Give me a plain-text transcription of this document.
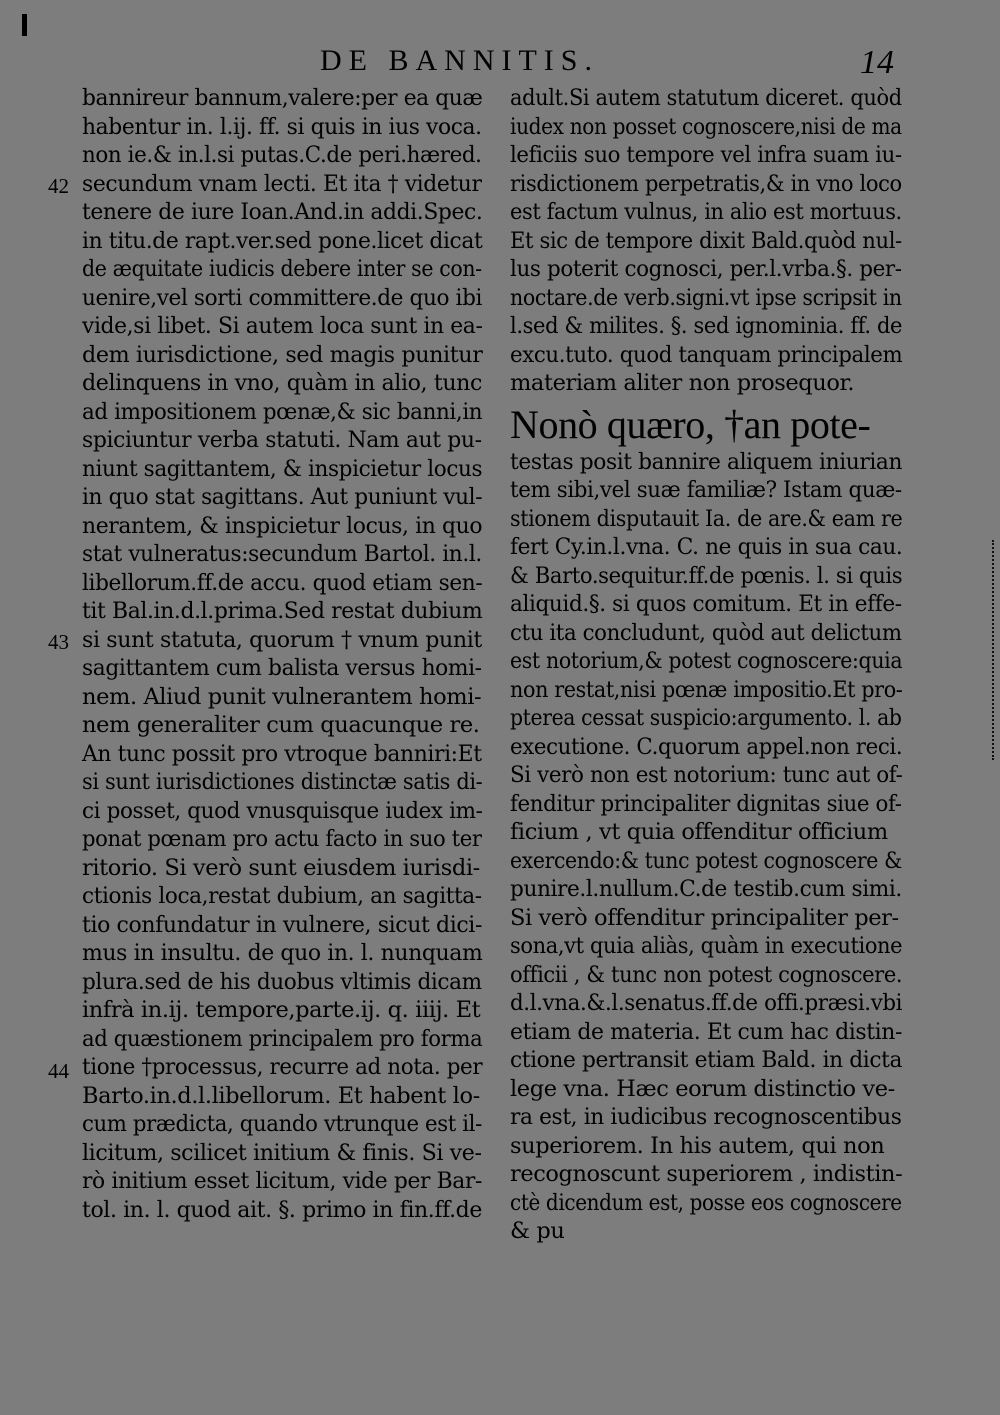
DE BANNITIS.	14
42
43
44
bannireur bannum,valere:per ea quæ
habentur in. l.ij. ff. si quis in ius voca.
non ie.& in.l.si putas.C.de peri.hæred.
secundum vnam lecti. Et ita † videtur
tenere de iure Ioan.And.in addi.Spec.
in titu.de rapt.ver.sed pone.licet dicat
de æquitate iudicis debere inter se con-
uenire,vel sorti committere.de quo ibi
vide,si libet. Si autem loca sunt in ea-
dem iurisdictione, sed magis punitur
delinquens in vno, quàm in alio, tunc
ad impositionem pœnæ,& sic banni,in
spiciuntur verba statuti. Nam aut pu-
niunt sagittantem, & inspicietur locus
in quo stat sagittans. Aut puniunt vul-
nerantem, & inspicietur locus, in quo
stat vulneratus:secundum Bartol. in.l.
libellorum.ff.de accu. quod etiam sen-
tit Bal.in.d.l.prima.Sed restat dubium
si sunt statuta, quorum † vnum punit
sagittantem cum balista versus homi-
nem. Aliud punit vulnerantem homi-
nem generaliter cum quacunque re.
An tunc possit pro vtroque banniri:Et
si sunt iurisdictiones distinctæ satis di-
ci posset, quod vnusquisque iudex im-
ponat pœnam pro actu facto in suo ter
ritorio. Si verò sunt eiusdem iurisdi-
ctionis loca,restat dubium, an sagitta-
tio confundatur in vulnere, sicut dici-
mus in insultu. de quo in. l. nunquam
plura.sed de his duobus vltimis dicam
infrà in.ij. tempore,parte.ij. q. iiij. Et
ad quæstionem principalem pro forma
tione †processus, recurre ad nota. per
Barto.in.d.l.libellorum. Et habent lo-
cum prædicta, quando vtrunque est il-
licitum, scilicet initium & finis. Si ve-
rò initium esset licitum, vide per Bar-
tol. in. l. quod ait. §. primo in fin.ff.de
adult.Si autem statutum diceret. quòd
iudex non posset cognoscere,nisi de ma
leficiis suo tempore vel infra suam iu-
risdictionem perpetratis,& in vno loco
est factum vulnus, in alio est mortuus.
Et sic de tempore dixit Bald.quòd nul-
lus poterit cognosci, per.l.vrba.§. per-
noctare.de verb.signi.vt ipse scripsit in
l.sed & milites. §. sed ignominia. ff. de
excu.tuto. quod tanquam principalem
materiam aliter non prosequor.
Nonò quæro, †an pote-
testas posit bannire aliquem iniurian
tem sibi,vel suæ familiæ? Istam quæ-
stionem disputauit Ia. de are.& eam re
fert Cy.in.l.vna. C. ne quis in sua cau.
& Barto.sequitur.ff.de pœnis. l. si quis
aliquid.§. si quos comitum. Et in effe-
ctu ita concludunt, quòd aut delictum
est notorium,& potest cognoscere:quia
non restat,nisi pœnæ impositio.Et pro-
pterea cessat suspicio:argumento. l. ab
executione. C.quorum appel.non reci.
Si verò non est notorium: tunc aut of-
fenditur principaliter dignitas siue of-
ficium , vt quia offenditur officium
exercendo:& tunc potest cognoscere &
punire.l.nullum.C.de testib.cum simi.
Si verò offenditur principaliter per-
sona,vt quia aliàs, quàm in executione
officii , & tunc non potest cognoscere.
d.l.vna.&.l.senatus.ff.de offi.præsi.vbi
etiam de materia. Et cum hac distin-
ctione pertransit etiam Bald. in dicta
lege vna. Hæc eorum distinctio ve-
ra est, in iudicibus recognoscentibus
superiorem. In his autem, qui non
recognoscunt superiorem , indistin-
ctè dicendum est, posse eos cognoscere
& pu
